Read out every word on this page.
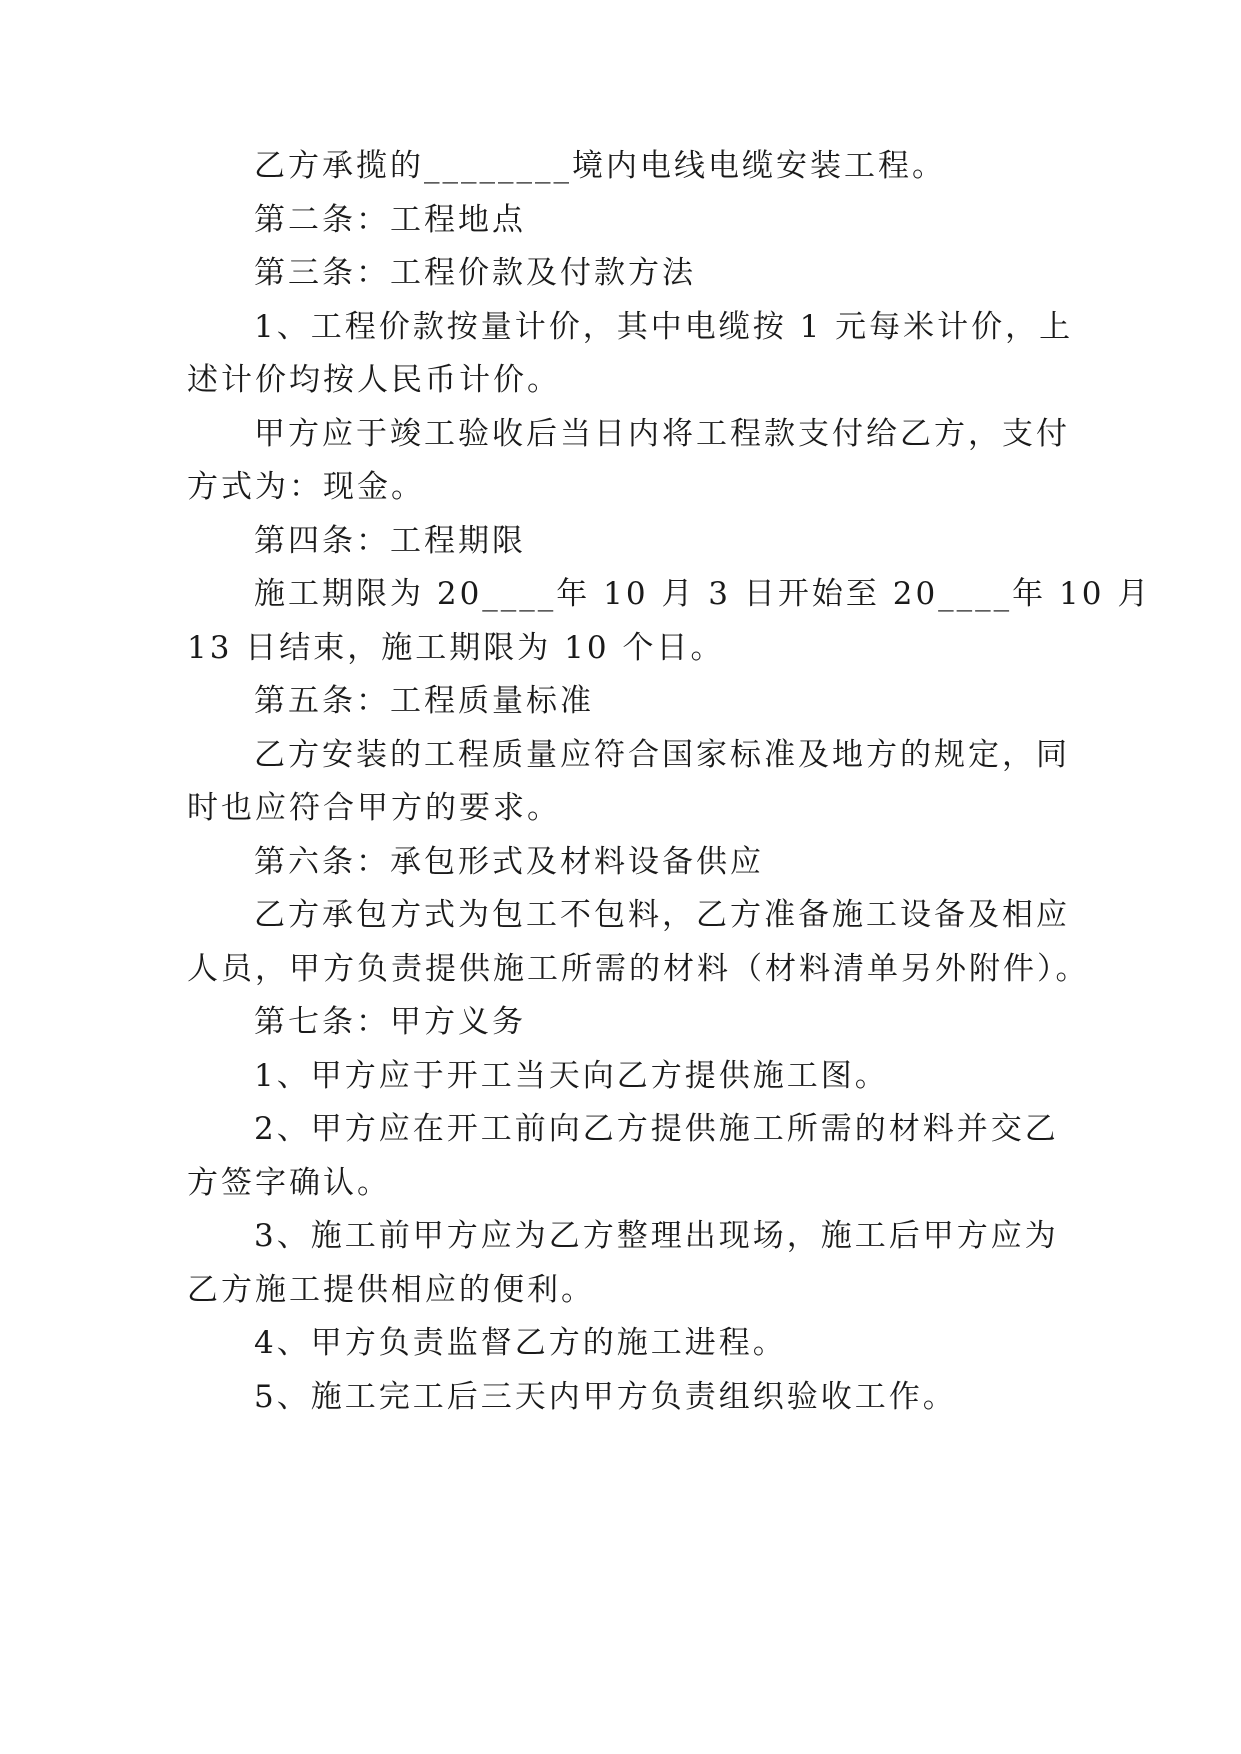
乙方承揽的________境内电线电缆安装工程。

第二条：工程地点

第三条：工程价款及付款方法

1、工程价款按量计价，其中电缆按 1 元每米计价，上

述计价均按人民币计价。

甲方应于竣工验收后当日内将工程款支付给乙方，支付

方式为：现金。

第四条：工程期限

施工期限为 20____年 10 月 3 日开始至 20____年 10 月

13 日结束，施工期限为 10 个日。

第五条：工程质量标准

乙方安装的工程质量应符合国家标准及地方的规定，同

时也应符合甲方的要求。

第六条：承包形式及材料设备供应

乙方承包方式为包工不包料，乙方准备施工设备及相应

人员，甲方负责提供施工所需的材料（材料清单另外附件）。

第七条：甲方义务

1、甲方应于开工当天向乙方提供施工图。

2、甲方应在开工前向乙方提供施工所需的材料并交乙

方签字确认。

3、施工前甲方应为乙方整理出现场，施工后甲方应为

乙方施工提供相应的便利。

4、甲方负责监督乙方的施工进程。

5、施工完工后三天内甲方负责组织验收工作。
